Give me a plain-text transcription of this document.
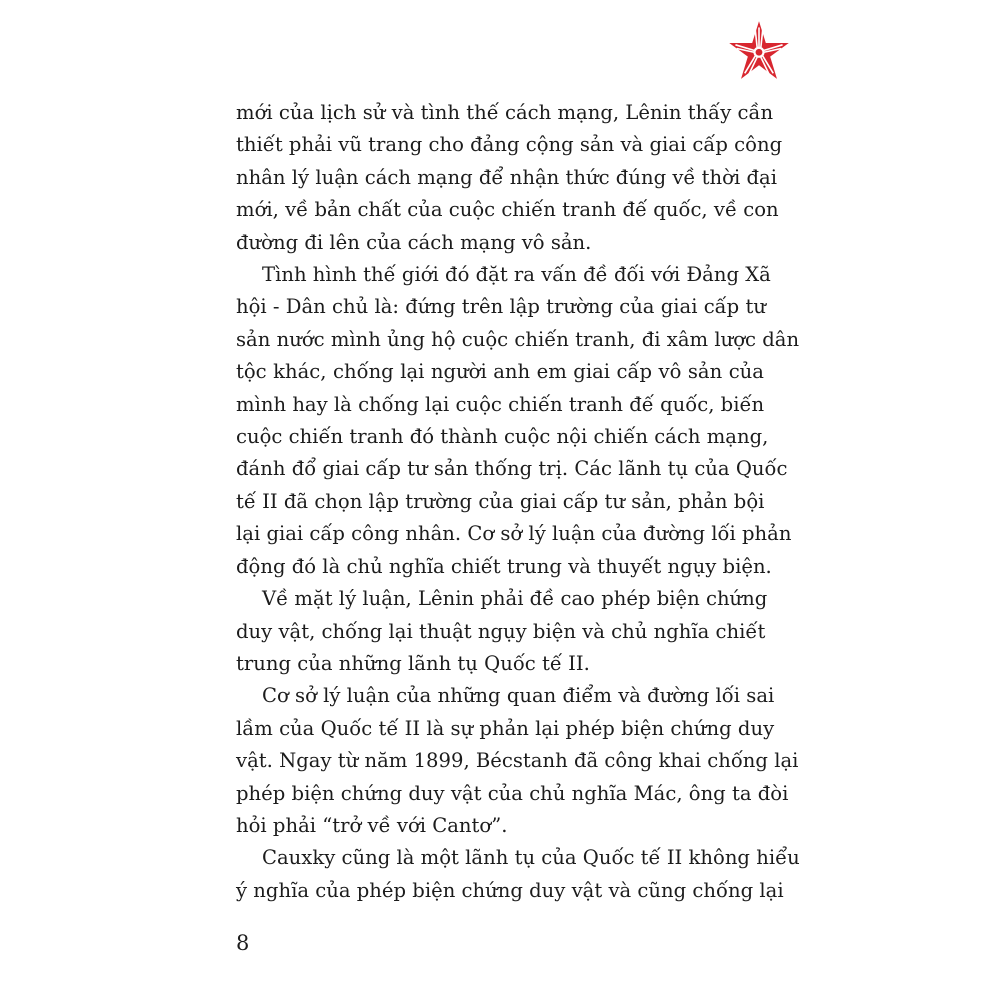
mới của lịch sử và tình thế cách mạng, Lênin thấy cần
thiết phải vũ trang cho đảng cộng sản và giai cấp công
nhân lý luận cách mạng để nhận thức đúng về thời đại
mới, về bản chất của cuộc chiến tranh đế quốc, về con
đường đi lên của cách mạng vô sản.

Tình hình thế giới đó đặt ra vấn đề đối với Đảng Xã
hội - Dân chủ là: đứng trên lập trường của giai cấp tư
sản nước mình ủng hộ cuộc chiến tranh, đi xâm lược dân
tộc khác, chống lại người anh em giai cấp vô sản của
mình hay là chống lại cuộc chiến tranh đế quốc, biến
cuộc chiến tranh đó thành cuộc nội chiến cách mạng,
đánh đổ giai cấp tư sản thống trị. Các lãnh tụ của Quốc
tế II đã chọn lập trường của giai cấp tư sản, phản bội
lại giai cấp công nhân. Cơ sở lý luận của đường lối phản
động đó là chủ nghĩa chiết trung và thuyết ngụy biện.

Về mặt lý luận, Lênin phải đề cao phép biện chứng
duy vật, chống lại thuật ngụy biện và chủ nghĩa chiết
trung của những lãnh tụ Quốc tế II.

Cơ sở lý luận của những quan điểm và đường lối sai
lầm của Quốc tế II là sự phản lại phép biện chứng duy
vật. Ngay từ năm 1899, Bécstanh đã công khai chống lại
phép biện chứng duy vật của chủ nghĩa Mác, ông ta đòi
hỏi phải “trở về với Cantơ”.

Cauxky cũng là một lãnh tụ của Quốc tế II không hiểu
ý nghĩa của phép biện chứng duy vật và cũng chống lại

8
